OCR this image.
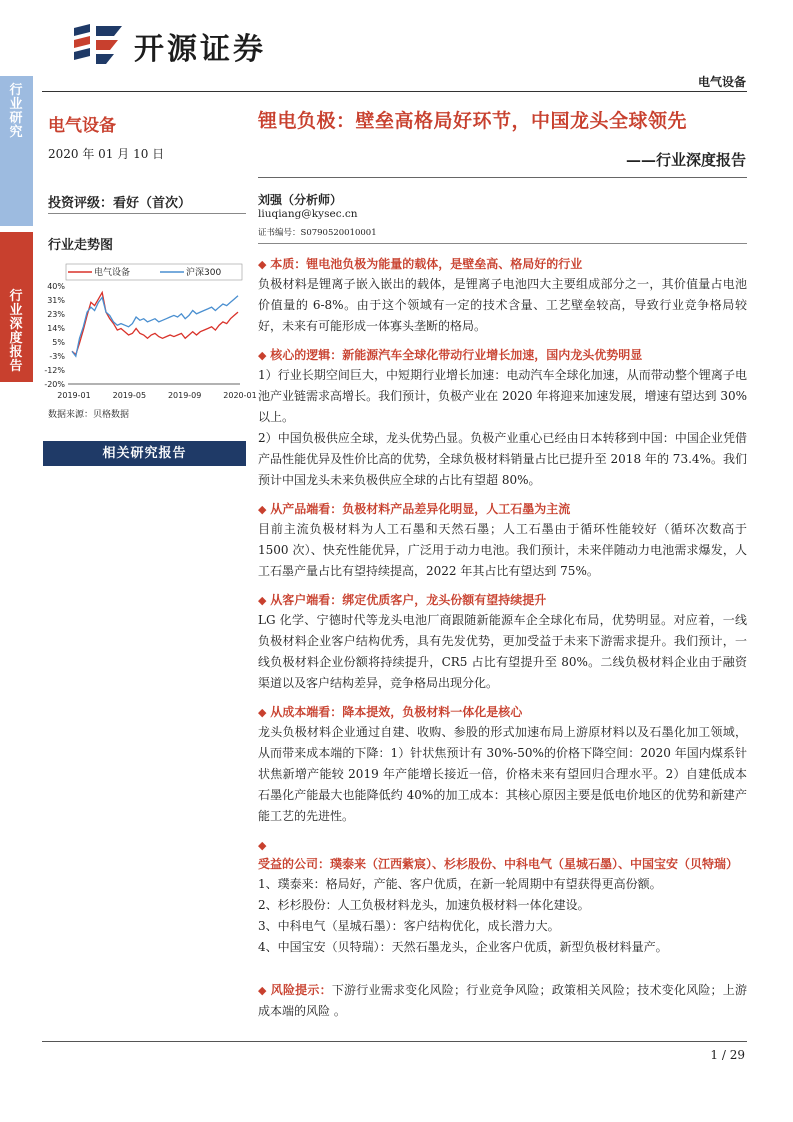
行业研究
行业深度报告
开源证券
电气设备
电气设备
2020 年 01 月 10 日
投资评级：看好（首次）
行业走势图
电气设备	沪深300
40%
31%
23%
14%
5%
-3%
-12%
-20%
2019-01	2019-05	2019-09	2020-01
数据来源：贝格数据
相关研究报告
锂电负极：壁垒高格局好环节，中国龙头全球领先
——行业深度报告
刘强（分析师）
liuqiang@kysec.cn
证书编号：S0790520010001
◆ 本质：锂电池负极为能量的载体，是壁垒高、格局好的行业

负极材料是锂离子嵌入嵌出的载体，是锂离子电池四大主要组成部分之一，其价值量占电池价值量的 6-8%。由于这个领域有一定的技术含量、工艺壁垒较高，导致行业竞争格局较好，未来有可能形成一体寡头垄断的格局。

◆ 核心的逻辑：新能源汽车全球化带动行业增长加速，国内龙头优势明显

1）行业长期空间巨大，中短期行业增长加速：电动汽车全球化加速，从而带动整个锂离子电池产业链需求高增长。我们预计，负极产业在 2020 年将迎来加速发展，增速有望达到 30%以上。

2）中国负极供应全球，龙头优势凸显。负极产业重心已经由日本转移到中国：中国企业凭借产品性能优异及性价比高的优势，全球负极材料销量占比已提升至 2018 年的 73.4%。我们预计中国龙头未来负极供应全球的占比有望超 80%。

◆ 从产品端看：负极材料产品差异化明显，人工石墨为主流

目前主流负极材料为人工石墨和天然石墨；人工石墨由于循环性能较好（循环次数高于 1500 次）、快充性能优异，广泛用于动力电池。我们预计，未来伴随动力电池需求爆发，人工石墨产量占比有望持续提高，2022 年其占比有望达到 75%。

◆ 从客户端看：绑定优质客户，龙头份额有望持续提升

LG 化学、宁德时代等龙头电池厂商跟随新能源车企全球化布局，优势明显。对应着，一线负极材料企业客户结构优秀，具有先发优势，更加受益于未来下游需求提升。我们预计，一线负极材料企业份额将持续提升，CR5 占比有望提升至 80%。二线负极材料企业由于融资渠道以及客户结构差异，竞争格局出现分化。

◆ 从成本端看：降本提效，负极材料一体化是核心

龙头负极材料企业通过自建、收购、参股的形式加速布局上游原材料以及石墨化加工领域，从而带来成本端的下降：1）针状焦预计有 30%-50%的价格下降空间：2020 年国内煤系针状焦新增产能较 2019 年产能增长接近一倍，价格未来有望回归合理水平。2）自建低成本石墨化产能最大也能降低约 40%的加工成本：其核心原因主要是低电价地区的优势和新建产能工艺的先进性。

◆ 受益的公司：璞泰来（江西紫宸）、杉杉股份、中科电气（星城石墨）、中国宝安（贝特瑞）

1、璞泰来：格局好，产能、客户优质，在新一轮周期中有望获得更高份额。

2、杉杉股份：人工负极材料龙头，加速负极材料一体化建设。

3、中科电气（星城石墨）：客户结构优化，成长潜力大。

4、中国宝安（贝特瑞）：天然石墨龙头，企业客户优质，新型负极材料量产。

◆ 风险提示：下游行业需求变化风险；行业竞争风险；政策相关风险；技术变化风险；上游成本端的风险 。

1 / 29
